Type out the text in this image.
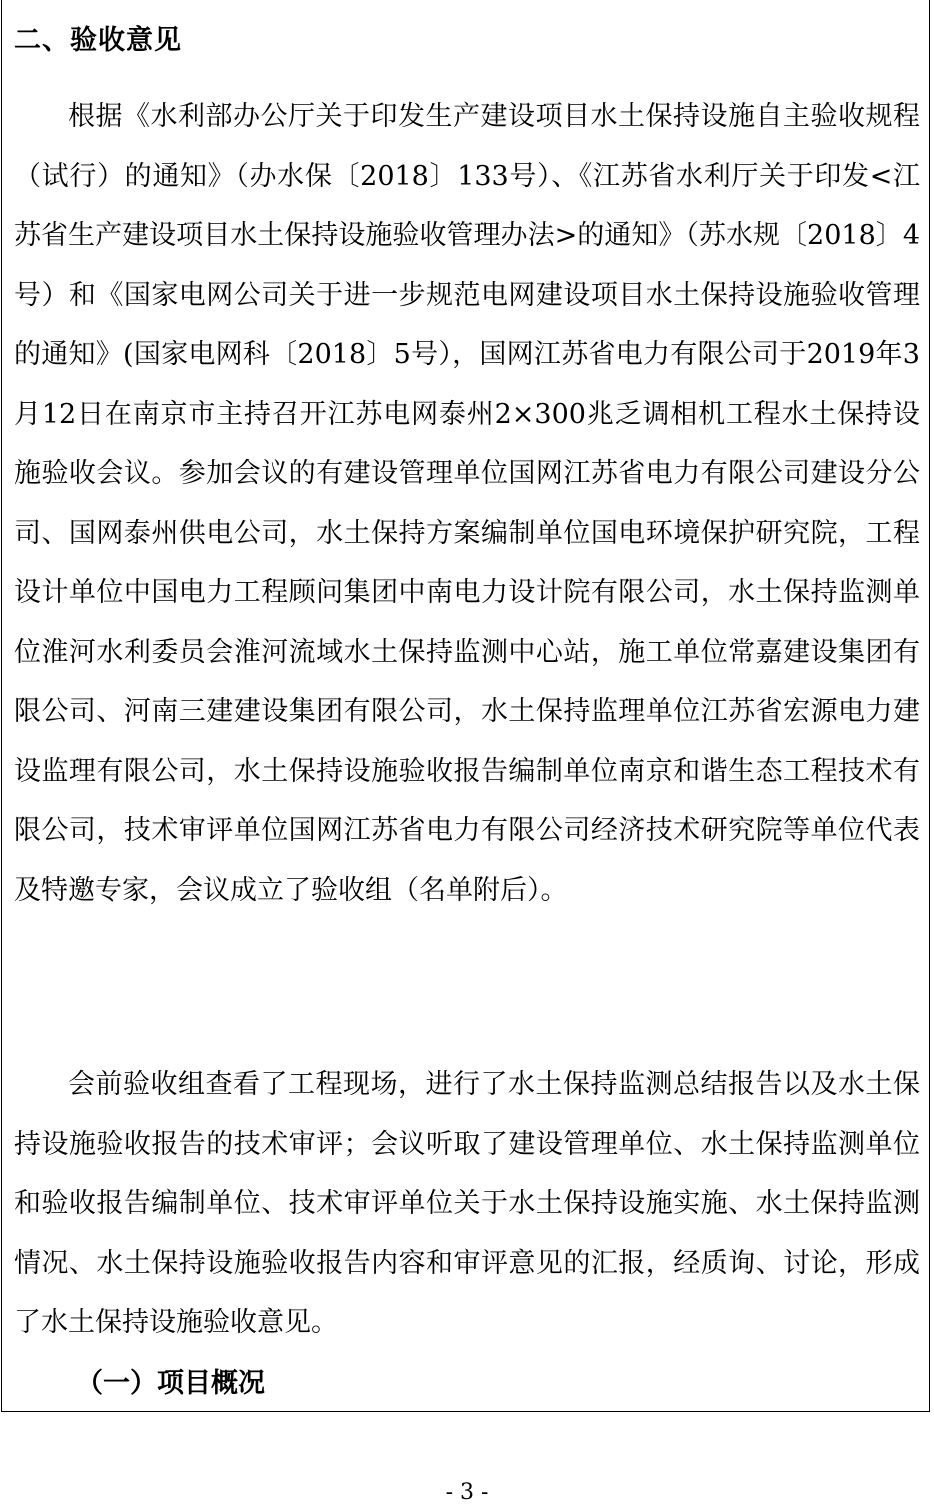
二、验收意见

根据《水利部办公厅关于印发生产建设项目水土保持设施自主验收规程（试行）的通知》（办水保〔2018〕133号）、《江苏省水利厅关于印发<江苏省生产建设项目水土保持设施验收管理办法>的通知》（苏水规〔2018〕4号）和《国家电网公司关于进一步规范电网建设项目水土保持设施验收管理的通知》(国家电网科〔2018〕5号），国网江苏省电力有限公司于2019年3月12日在南京市主持召开江苏电网泰州2×300兆乏调相机工程水土保持设施验收会议。参加会议的有建设管理单位国网江苏省电力有限公司建设分公司、国网泰州供电公司，水土保持方案编制单位国电环境保护研究院，工程设计单位中国电力工程顾问集团中南电力设计院有限公司，水土保持监测单位淮河水利委员会淮河流域水土保持监测中心站，施工单位常嘉建设集团有限公司、河南三建建设集团有限公司，水土保持监理单位江苏省宏源电力建设监理有限公司，水土保持设施验收报告编制单位南京和谐生态工程技术有限公司，技术审评单位国网江苏省电力有限公司经济技术研究院等单位代表及特邀专家，会议成立了验收组（名单附后）。

会前验收组查看了工程现场，进行了水土保持监测总结报告以及水土保持设施验收报告的技术审评；会议听取了建设管理单位、水土保持监测单位和验收报告编制单位、技术审评单位关于水土保持设施实施、水土保持监测情况、水土保持设施验收报告内容和审评意见的汇报，经质询、讨论，形成了水土保持设施验收意见。

（一）项目概况
- 3 -
